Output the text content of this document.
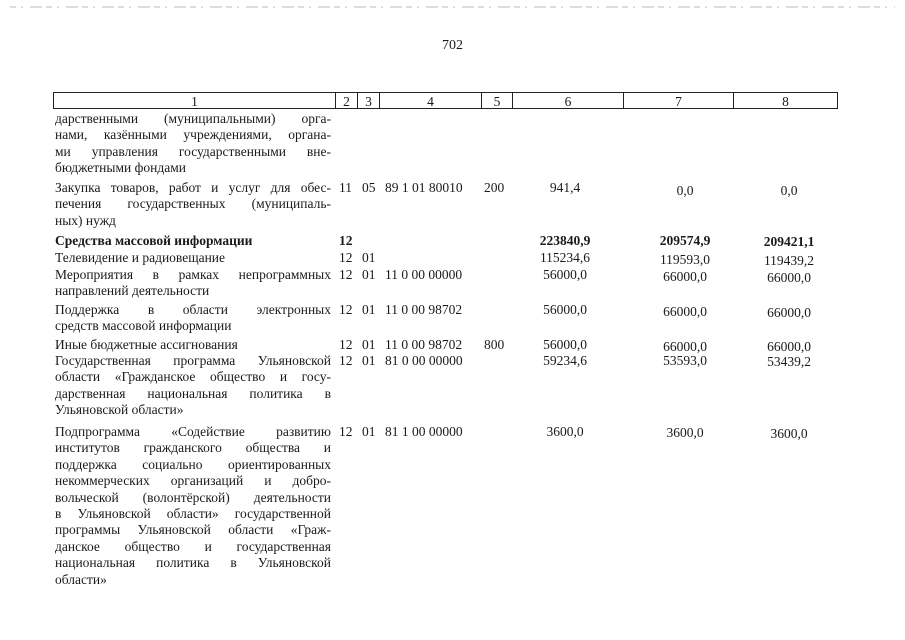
702
1	2	3	4	5	6	7	8
дарственными (муниципальными) орга-
нами, казёнными учреждениями, органа-
ми управления государственными вне-
бюджетными фондами
Закупка товаров, работ и услуг для обес-
печения государственных (муниципаль-
ных) нужд
11 05 89 1 01 80010	200	941,4	0,0	0,0
Средства массовой информации	12	223840,9	209574,9	209421,1
Телевидение и радиовещание	12 01	115234,6	119593,0	119439,2
Мероприятия в рамках непрограммных
направлений деятельности
12 01 11 0 00 00000	56000,0	66000,0	66000,0
Поддержка в области электронных
средств массовой информации
12 01 11 0 00 98702	56000,0	66000,0	66000,0
Иные бюджетные ассигнования	12 01 11 0 00 98702	800	56000,0	66000,0	66000,0
Государственная программа Ульяновской
области «Гражданское общество и госу-
дарственная национальная политика в
Ульяновской области»
12 01 81 0 00 00000	59234,6	53593,0	53439,2
Подпрограмма «Содействие развитию
институтов гражданского общества и
поддержка социально ориентированных
некоммерческих организаций и добро-
вольческой (волонтёрской) деятельности
в Ульяновской области» государственной
программы Ульяновской области «Граж-
данское общество и государственная
национальная политика в Ульяновской
области»
12 01 81 1 00 00000	3600,0	3600,0	3600,0
